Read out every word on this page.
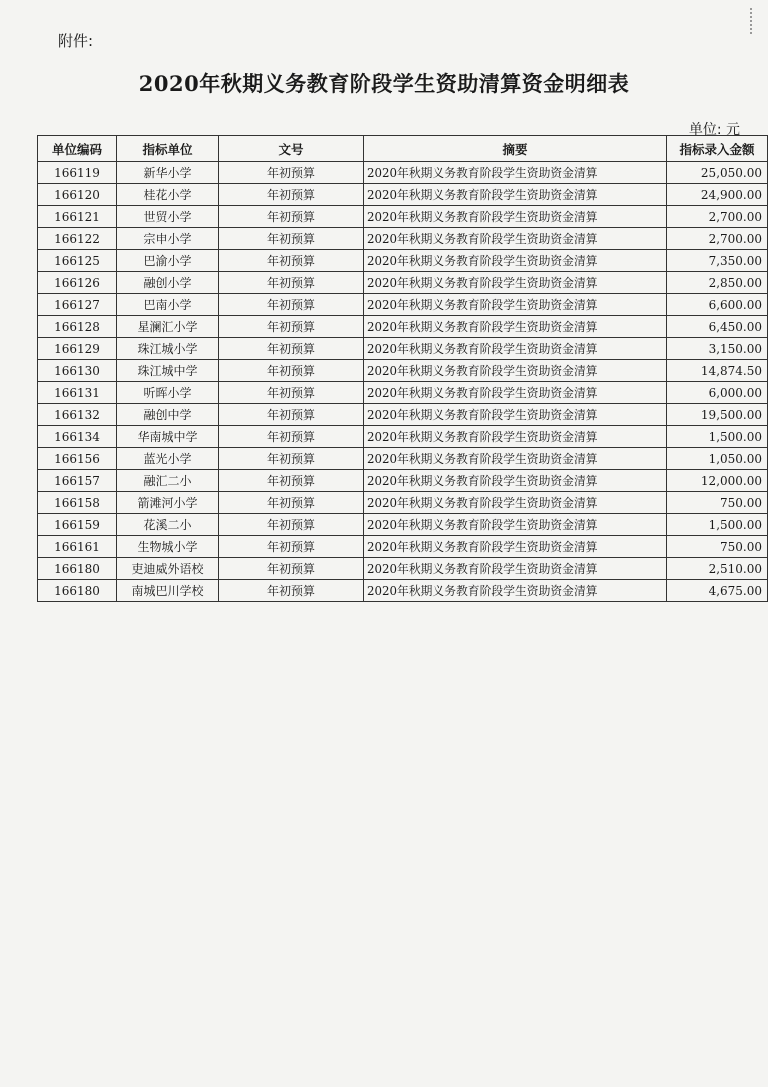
附件:
2020年秋期义务教育阶段学生资助清算资金明细表
单位: 元
单位编码	指标单位	文号	摘要	指标录入金额
166119	新华小学	年初预算	2020年秋期义务教育阶段学生资助资金清算	25,050.00
166120	桂花小学	年初预算	2020年秋期义务教育阶段学生资助资金清算	24,900.00
166121	世贸小学	年初预算	2020年秋期义务教育阶段学生资助资金清算	2,700.00
166122	宗申小学	年初预算	2020年秋期义务教育阶段学生资助资金清算	2,700.00
166125	巴渝小学	年初预算	2020年秋期义务教育阶段学生资助资金清算	7,350.00
166126	融创小学	年初预算	2020年秋期义务教育阶段学生资助资金清算	2,850.00
166127	巴南小学	年初预算	2020年秋期义务教育阶段学生资助资金清算	6,600.00
166128	星澜汇小学	年初预算	2020年秋期义务教育阶段学生资助资金清算	6,450.00
166129	珠江城小学	年初预算	2020年秋期义务教育阶段学生资助资金清算	3,150.00
166130	珠江城中学	年初预算	2020年秋期义务教育阶段学生资助资金清算	14,874.50
166131	听晖小学	年初预算	2020年秋期义务教育阶段学生资助资金清算	6,000.00
166132	融创中学	年初预算	2020年秋期义务教育阶段学生资助资金清算	19,500.00
166134	华南城中学	年初预算	2020年秋期义务教育阶段学生资助资金清算	1,500.00
166156	蓝光小学	年初预算	2020年秋期义务教育阶段学生资助资金清算	1,050.00
166157	融汇二小	年初预算	2020年秋期义务教育阶段学生资助资金清算	12,000.00
166158	箭滩河小学	年初预算	2020年秋期义务教育阶段学生资助资金清算	750.00
166159	花溪二小	年初预算	2020年秋期义务教育阶段学生资助资金清算	1,500.00
166161	生物城小学	年初预算	2020年秋期义务教育阶段学生资助资金清算	750.00
166180	吏迪威外语校	年初预算	2020年秋期义务教育阶段学生资助资金清算	2,510.00
166180	南城巴川学校	年初预算	2020年秋期义务教育阶段学生资助资金清算	4,675.00
